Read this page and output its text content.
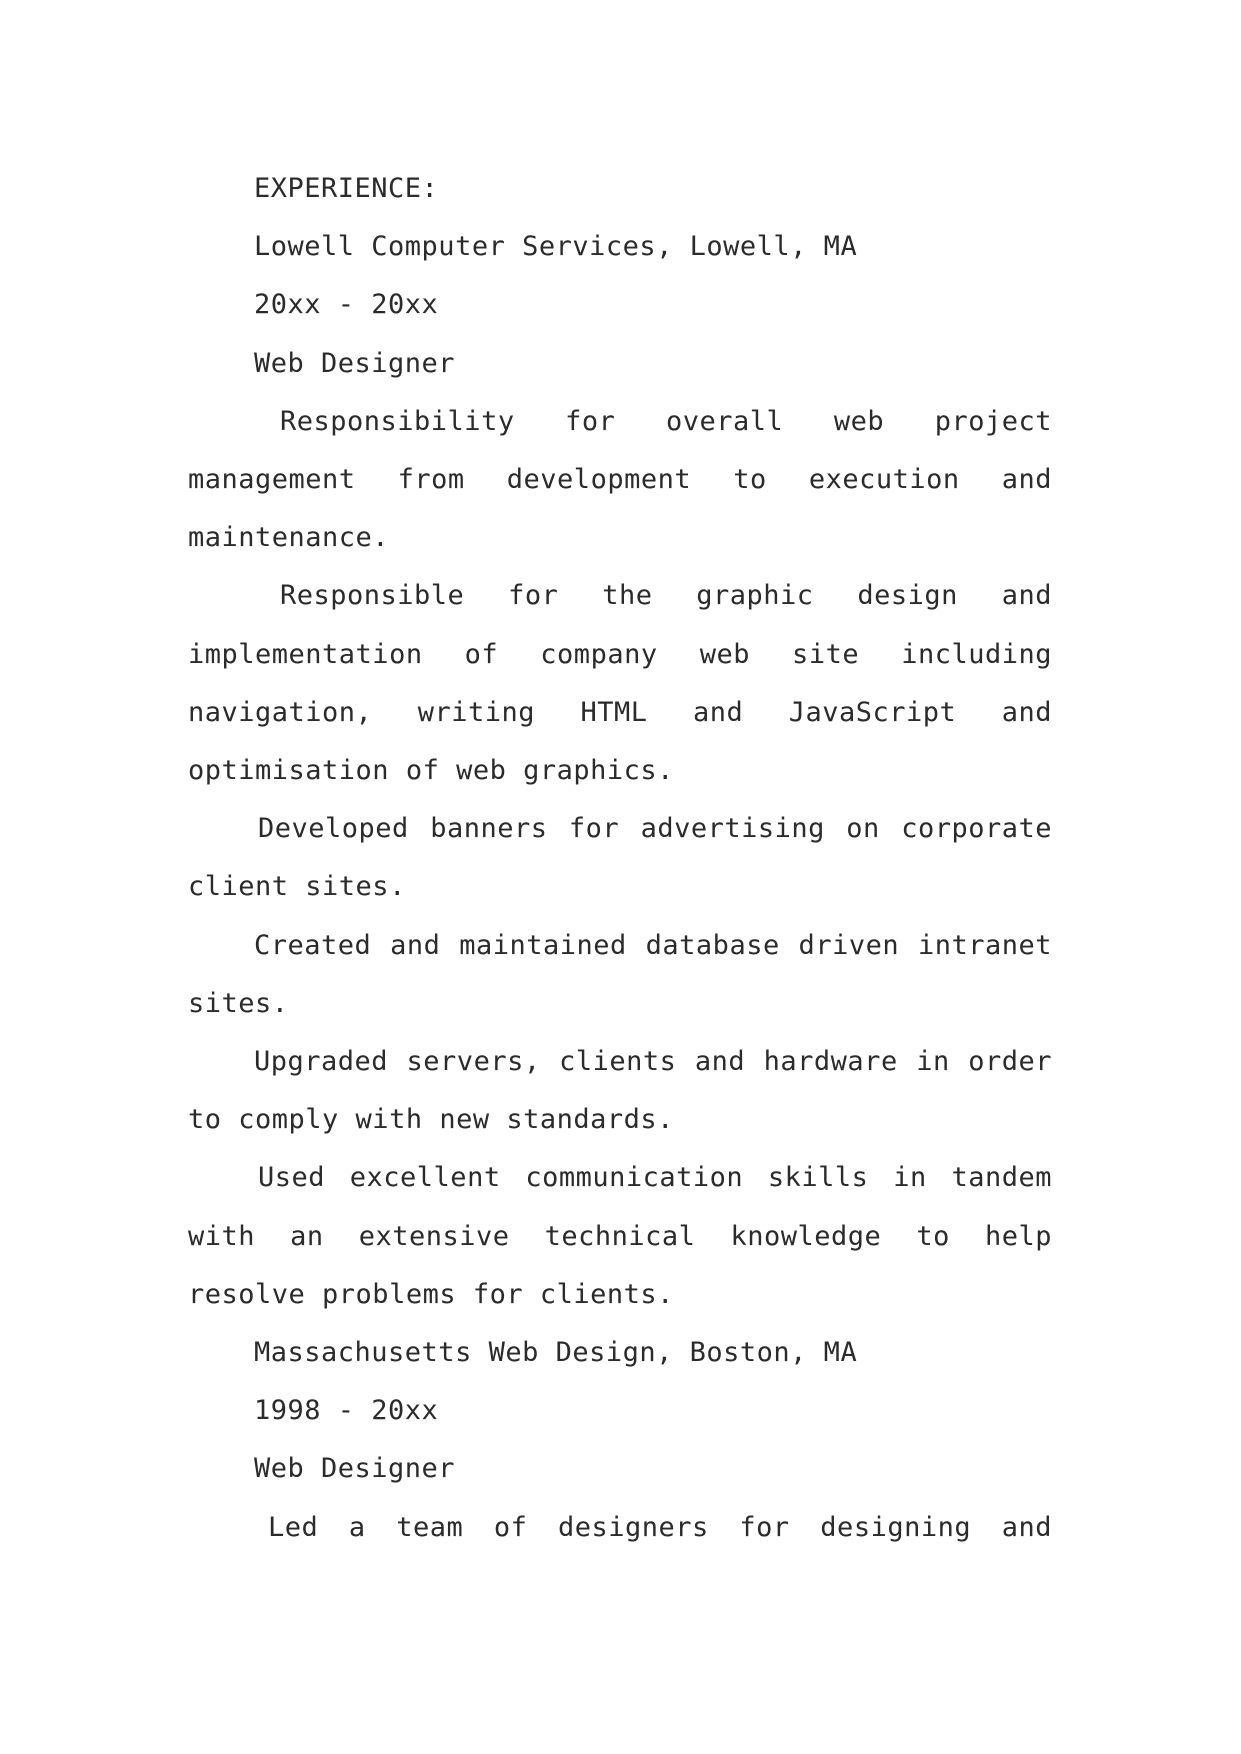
EXPERIENCE:

Lowell Computer Services, Lowell, MA

20xx - 20xx

Web Designer

Responsibility for overall web project management from development to execution and maintenance.

Responsible for the graphic design and implementation of company web site including navigation, writing HTML and JavaScript and optimisation of web graphics.

Developed banners for advertising on corporate client sites.

Created and maintained database driven intranet sites.

Upgraded servers, clients and hardware in order to comply with new standards.

Used excellent communication skills in tandem with an extensive technical knowledge to help resolve problems for clients.

Massachusetts Web Design, Boston, MA

1998 - 20xx

Web Designer

Led a team of designers for designing and
